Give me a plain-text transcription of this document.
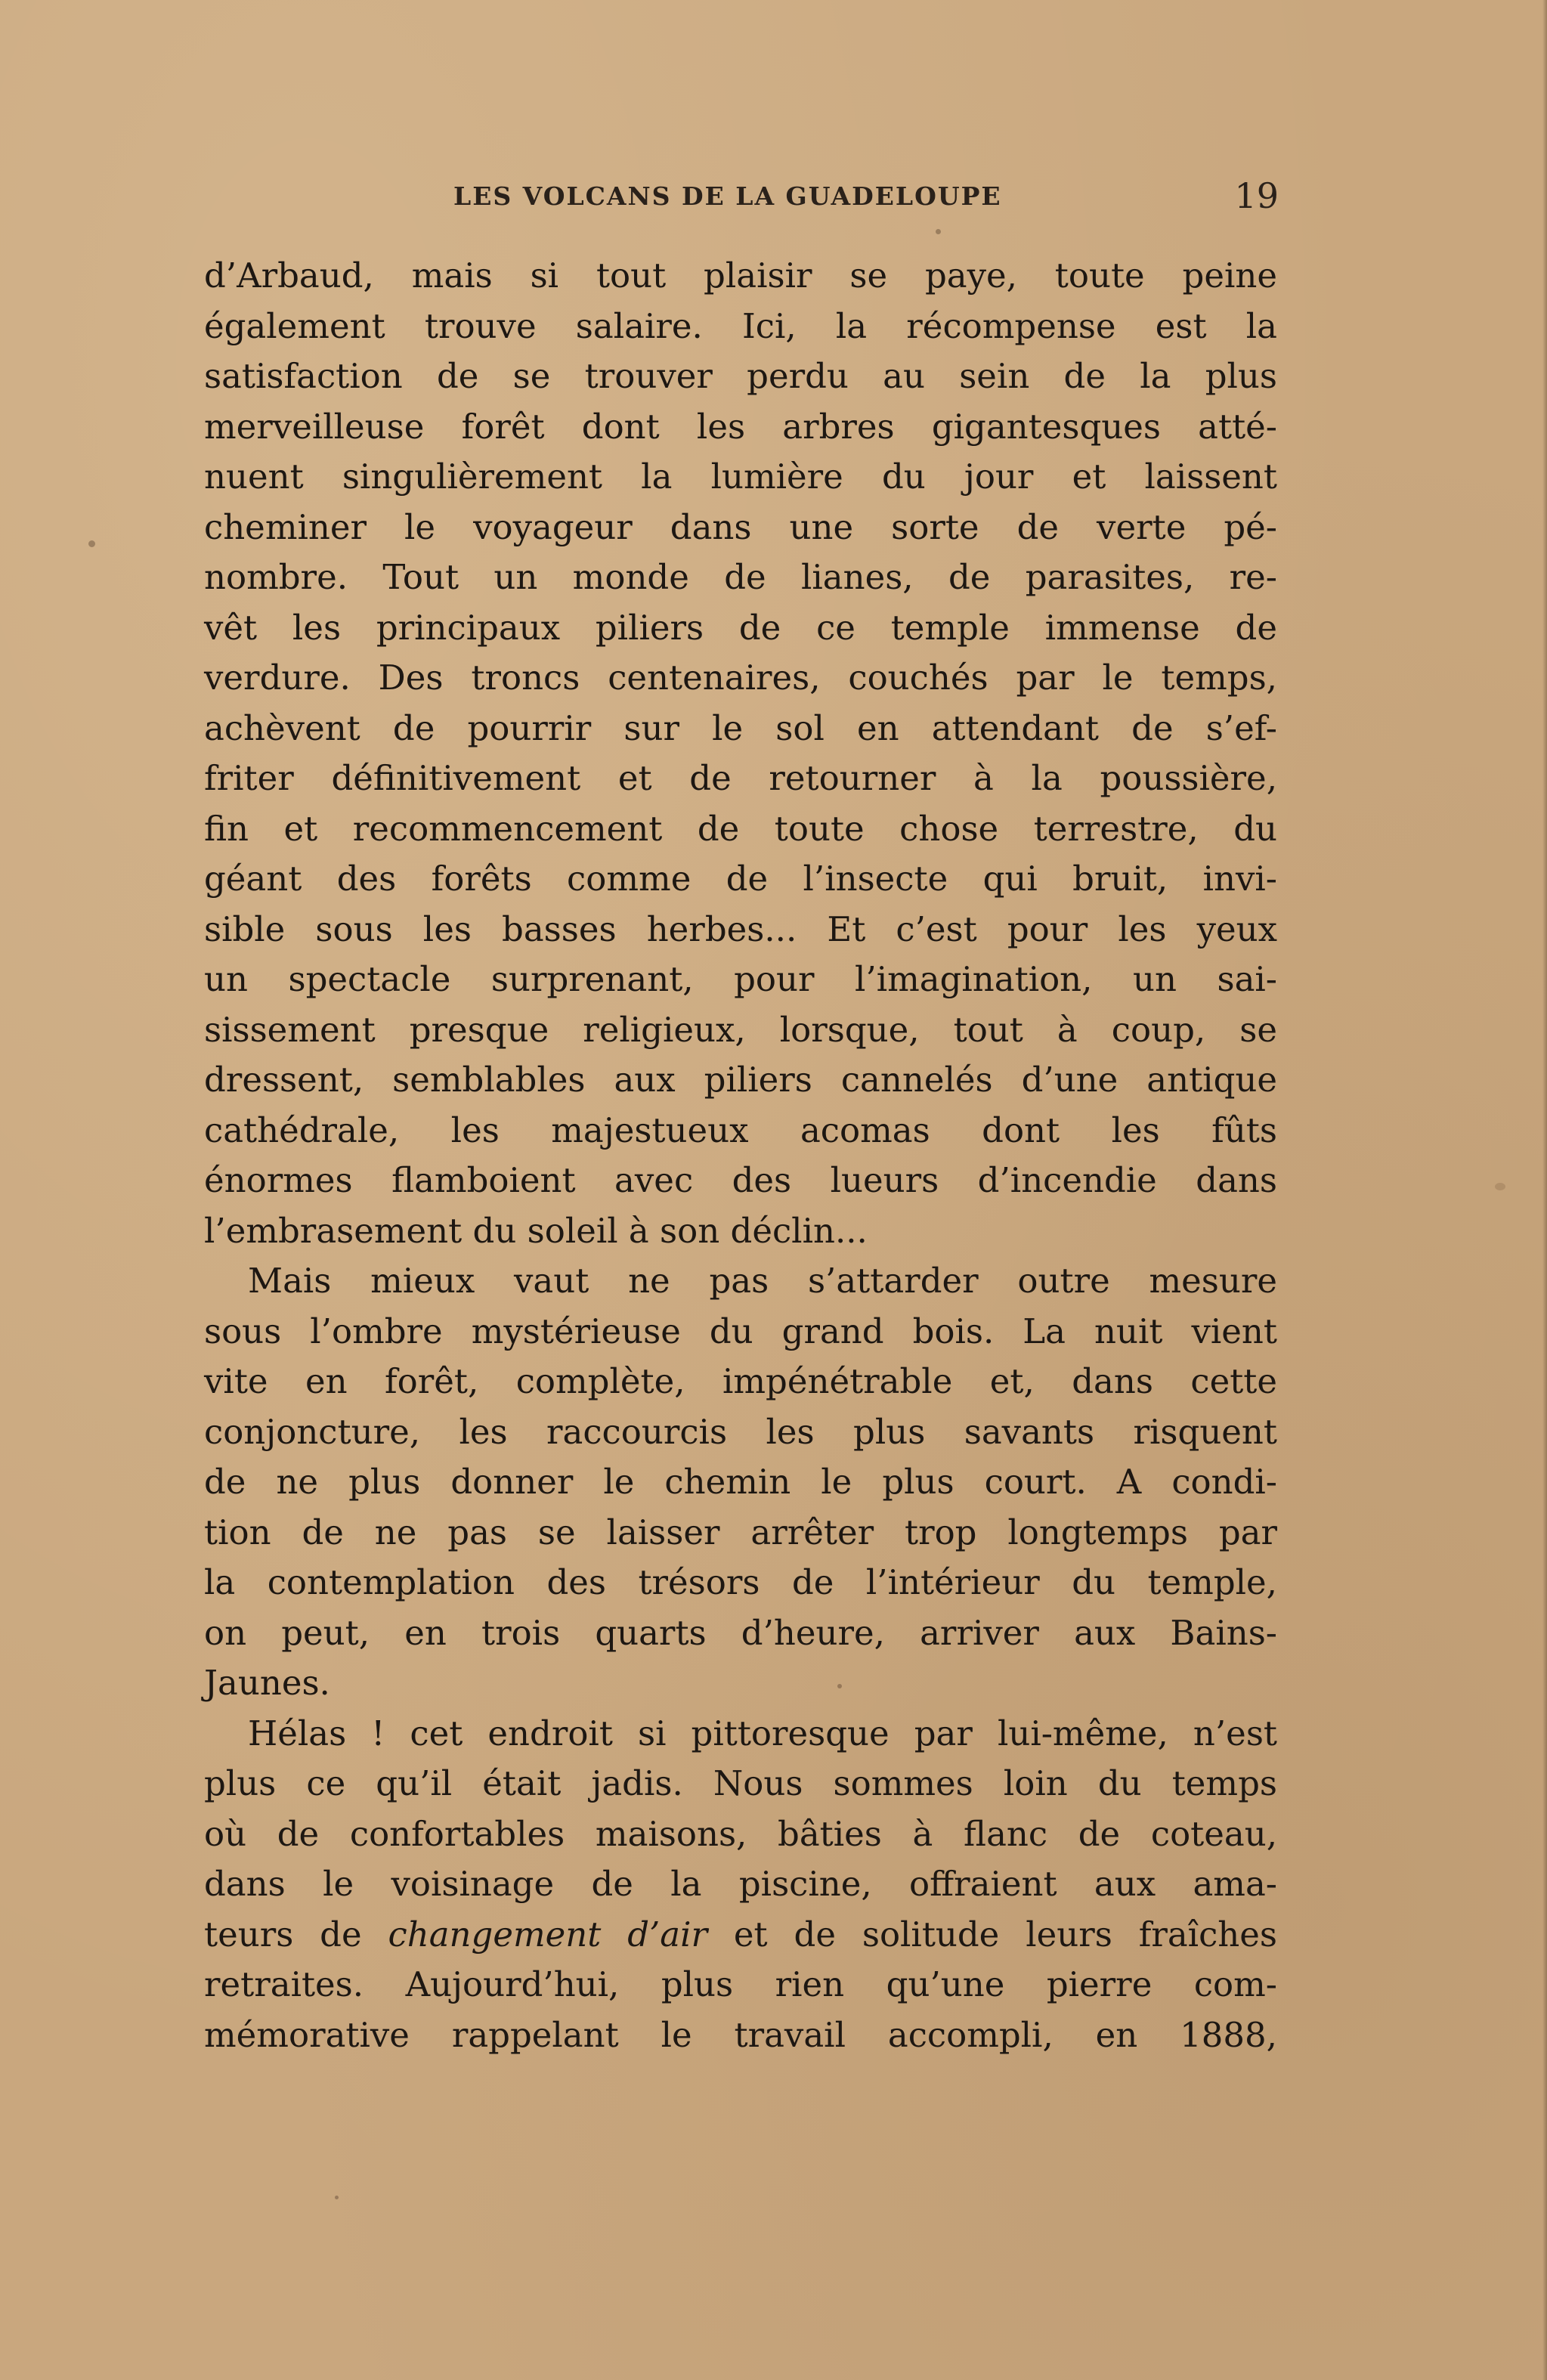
LES VOLCANS DE LA GUADELOUPE	19
d’Arbaud, mais si tout plaisir se paye, toute peine
également trouve salaire. Ici, la récompense est la
satisfaction de se trouver perdu au sein de la plus
merveilleuse forêt dont les arbres gigantesques atté-
nuent singulièrement la lumière du jour et laissent
cheminer le voyageur dans une sorte de verte pé-
nombre. Tout un monde de lianes, de parasites, re-
vêt les principaux piliers de ce temple immense de
verdure. Des troncs centenaires, couchés par le temps,
achèvent de pourrir sur le sol en attendant de s’ef-
friter définitivement et de retourner à la poussière,
fin et recommencement de toute chose terrestre, du
géant des forêts comme de l’insecte qui bruit, invi-
sible sous les basses herbes... Et c’est pour les yeux
un spectacle surprenant, pour l’imagination, un sai-
sissement presque religieux, lorsque, tout à coup, se
dressent, semblables aux piliers cannelés d’une antique
cathédrale, les majestueux acomas dont les fûts
énormes flamboient avec des lueurs d’incendie dans
l’embrasement du soleil à son déclin...
Mais mieux vaut ne pas s’attarder outre mesure
sous l’ombre mystérieuse du grand bois. La nuit vient
vite en forêt, complète, impénétrable et, dans cette
conjoncture, les raccourcis les plus savants risquent
de ne plus donner le chemin le plus court. A condi-
tion de ne pas se laisser arrêter trop longtemps par
la contemplation des trésors de l’intérieur du temple,
on peut, en trois quarts d’heure, arriver aux Bains-
Jaunes.
Hélas ! cet endroit si pittoresque par lui-même, n’est
plus ce qu’il était jadis. Nous sommes loin du temps
où de confortables maisons, bâties à flanc de coteau,
dans le voisinage de la piscine, offraient aux ama-
teurs de changement d’air et de solitude leurs fraîches
retraites. Aujourd’hui, plus rien qu’une pierre com-
mémorative rappelant le travail accompli, en 1888,
